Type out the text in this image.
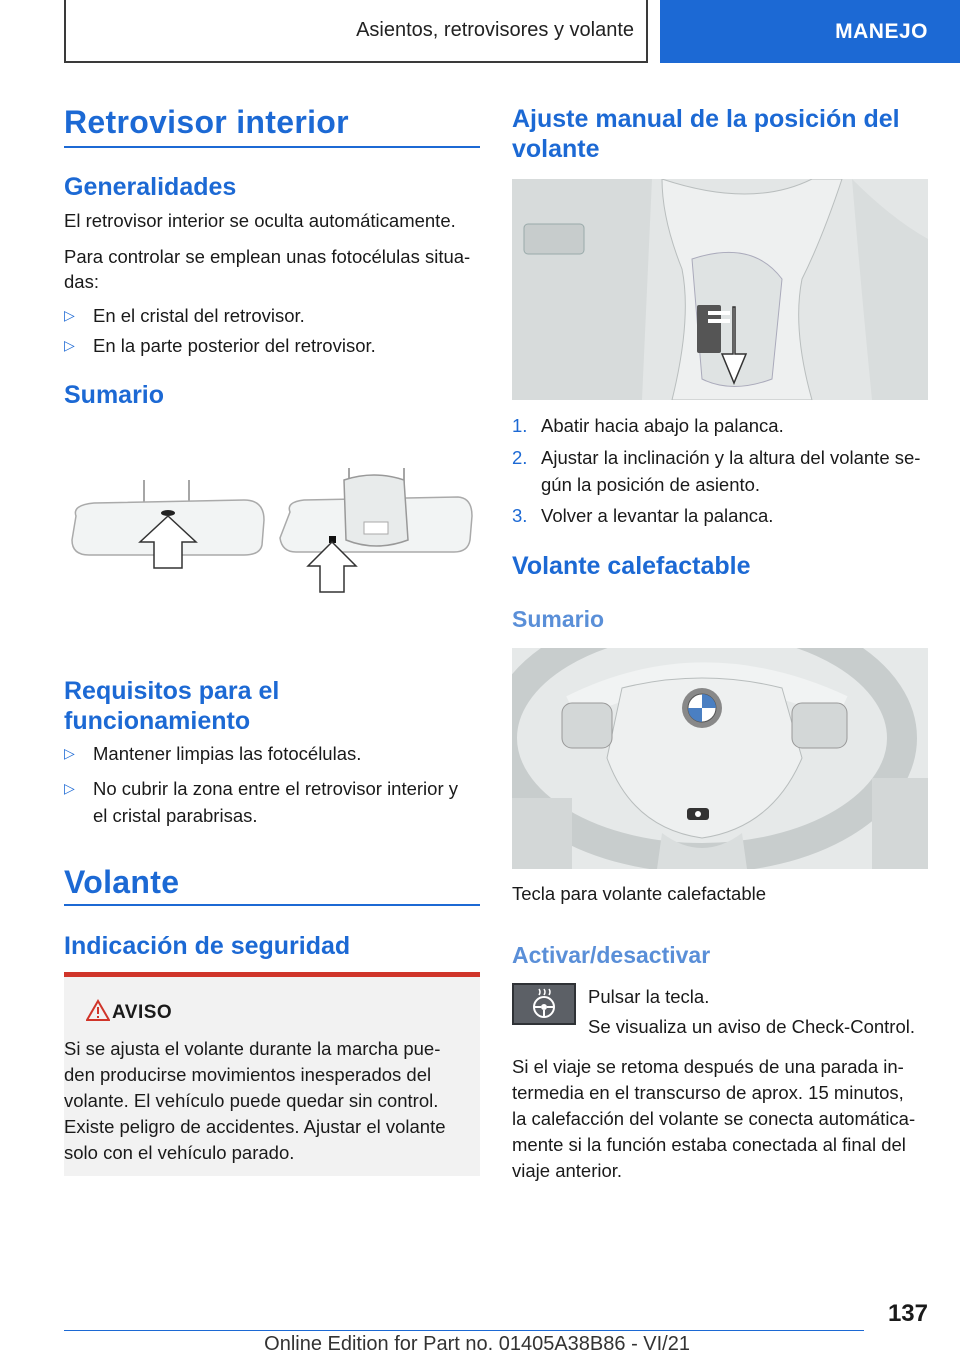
Asientos, retrovisores y volante	MANEJO
Retrovisor interior
Generalidades
El retrovisor interior se oculta automáticamente.
Para controlar se emplean unas fotocélulas situa‐
das:
▷ En el cristal del retrovisor.
▷ En la parte posterior del retrovisor.
Sumario
Requisitos para el
funcionamiento
▷ Mantener limpias las fotocélulas.
▷ No cubrir la zona entre el retrovisor interior y
el cristal parabrisas.
Volante
Indicación de seguridad
AVISO
Si se ajusta el volante durante la marcha pue‐
den producirse movimientos inesperados del
volante. El vehículo puede quedar sin control.
Existe peligro de accidentes. Ajustar el volante
solo con el vehículo parado.
Ajuste manual de la posición del
volante
1. Abatir hacia abajo la palanca.
2. Ajustar la inclinación y la altura del volante se‐
gún la posición de asiento.
3. Volver a levantar la palanca.
Volante calefactable
Sumario
Tecla para volante calefactable
Activar/desactivar
Pulsar la tecla.
Se visualiza un aviso de Check-Control.
Si el viaje se retoma después de una parada in‐
termedia en el transcurso de aprox. 15 minutos,
la calefacción del volante se conecta automática‐
mente si la función estaba conectada al final del
viaje anterior.
137
Online Edition for Part no. 01405A38B86 - VI/21
